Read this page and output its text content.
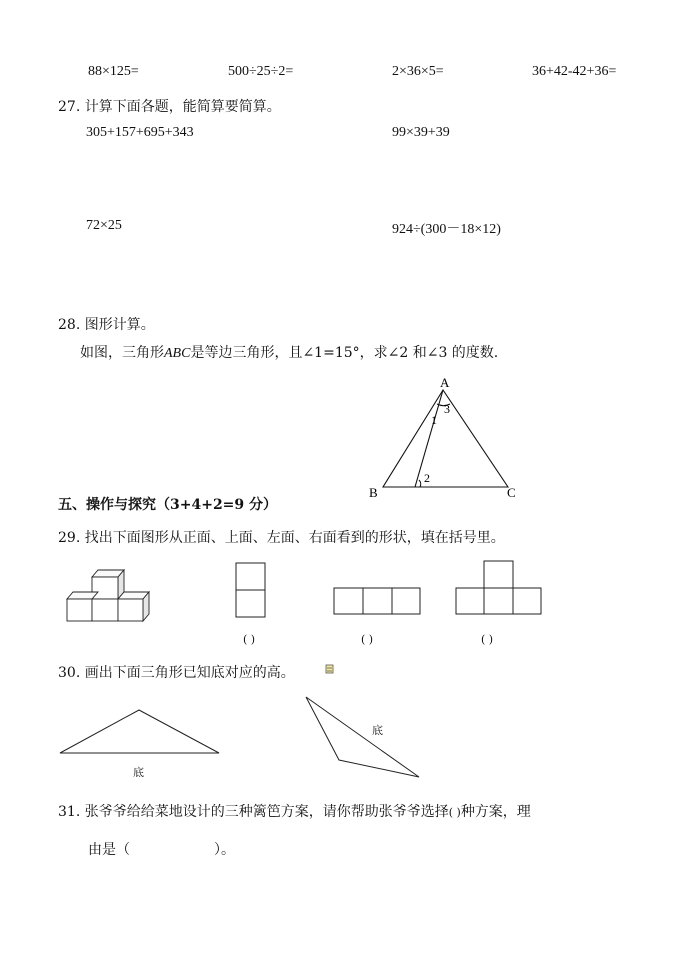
88×125=	500÷25÷2=	2×36×5=	36+42-42+36=
27. 计算下面各题，能简算要简算。
305+157+695+343	99×39+39
72×25	924÷(300－18×12)
28. 图形计算。
如图，三角形ABC是等边三角形，且∠1=15°，求∠2 和∠3 的度数.
A
B	C
1
2
3
五、操作与探究（3+4+2=9 分）
29. 找出下面图形从正面、上面、左面、右面看到的形状，填在括号里。
( )	( )	( )
30. 画出下面三角形已知底对应的高。
底
底
31. 张爷爷给给菜地设计的三种篱笆方案，请你帮助张爷爷选择( )种方案，理
由是（	）。
